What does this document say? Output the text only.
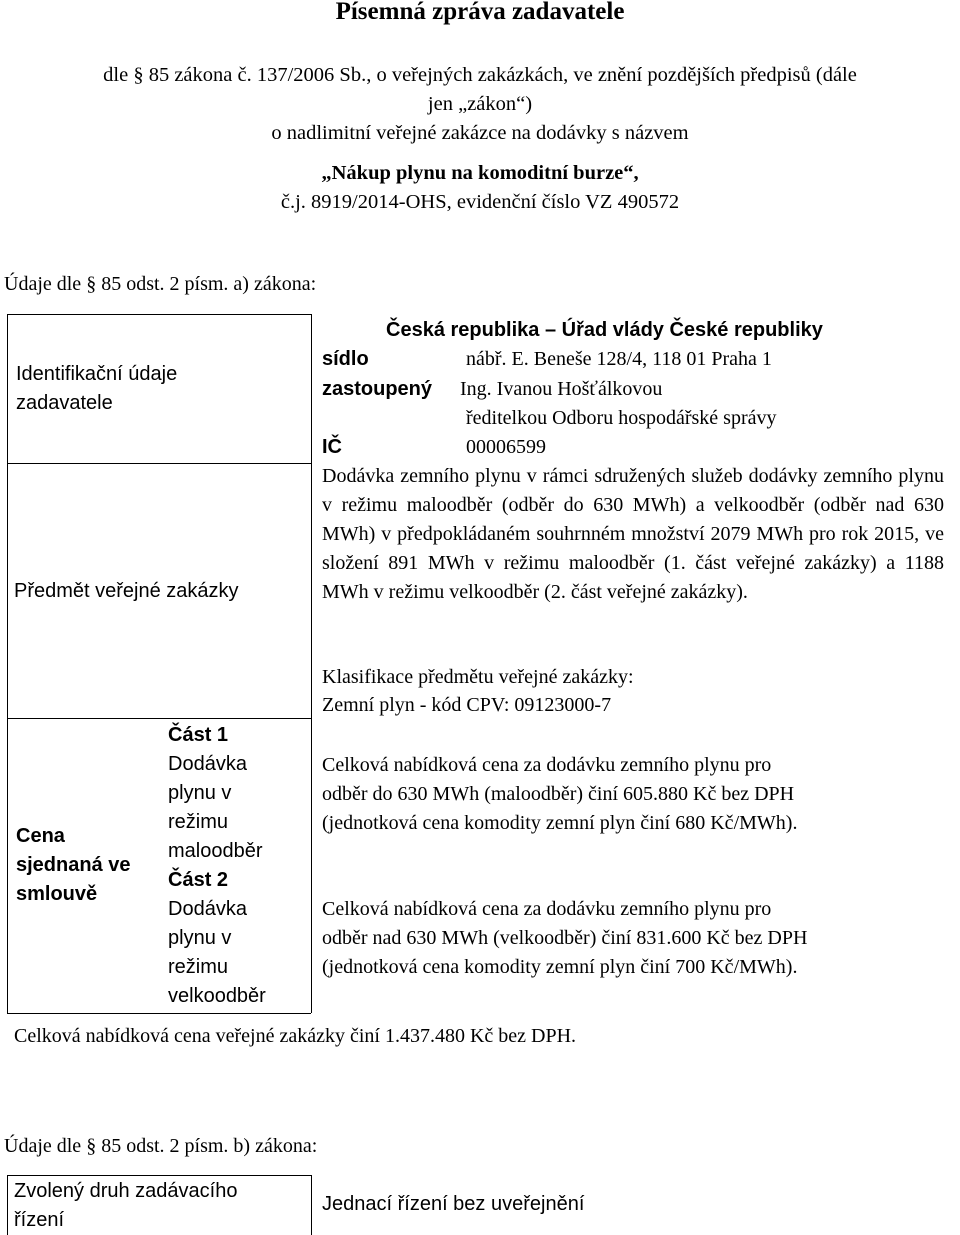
Písemná zpráva zadavatele
dle § 85 zákona č. 137/2006 Sb., o veřejných zakázkách, ve znění pozdějších předpisů (dále
jen „zákon“)
o nadlimitní veřejné zakázce na dodávky s názvem
„Nákup plynu na komoditní burze“,
č.j. 8919/2014-OHS, evidenční číslo VZ 490572
Údaje dle § 85 odst. 2 písm. a) zákona:
Identifikační údaje
zadavatele
Česká republika – Úřad vlády České republiky
sídlo	nábř. E. Beneše 128/4, 118 01 Praha 1
zastoupený Ing. Ivanou Hošťálkovou
ředitelkou Odboru hospodářské správy
IČ	00006599
Předmět veřejné zakázky
Dodávka zemního plynu v rámci sdružených služeb dodávky zemního plynu v režimu maloodběr (odběr do 630 MWh) a velkoodběr (odběr nad 630 MWh) v předpokládaném souhrnném množství 2079 MWh pro rok 2015, ve složení 891 MWh v režimu maloodběr (1. část veřejné zakázky) a 1188 MWh v režimu velkoodběr (2. část veřejné zakázky).
Klasifikace předmětu veřejné zakázky:
Zemní plyn - kód CPV: 09123000-7
Cena
sjednaná ve
smlouvě
Část 1
Dodávka
plynu v
režimu
maloodběr
Část 2
Dodávka
plynu v
režimu
velkoodběr
Celková nabídková cena za dodávku zemního plynu pro
odběr do 630 MWh (maloodběr) činí 605.880 Kč bez DPH
(jednotková cena komodity zemní plyn činí 680 Kč/MWh).
Celková nabídková cena za dodávku zemního plynu pro
odběr nad 630 MWh (velkoodběr) činí 831.600 Kč bez DPH
(jednotková cena komodity zemní plyn činí 700 Kč/MWh).
Celková nabídková cena veřejné zakázky činí 1.437.480 Kč bez DPH.
Údaje dle § 85 odst. 2 písm. b) zákona:
Zvolený druh zadávacího
řízení
Jednací řízení bez uveřejnění
